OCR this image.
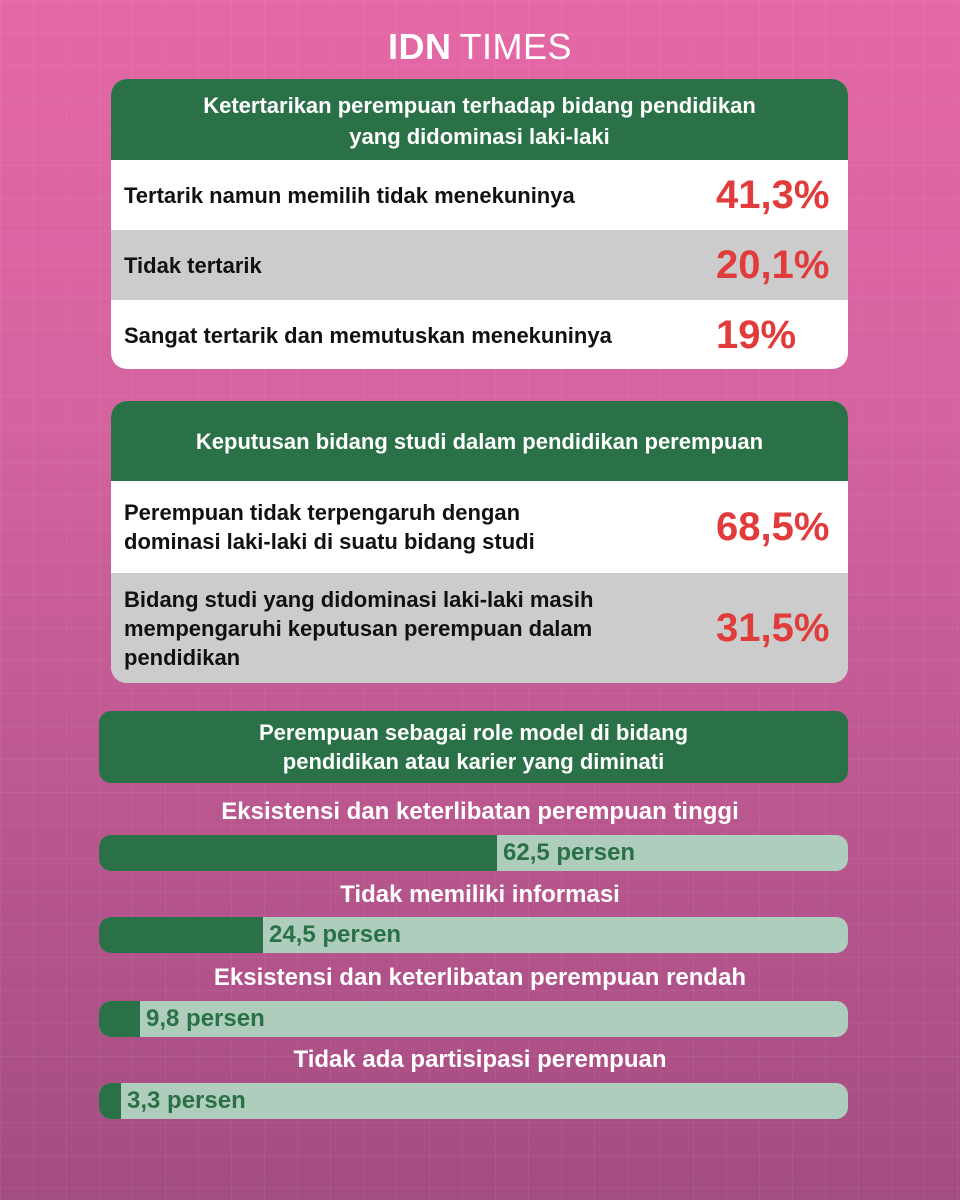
IDN TIMES
Ketertarikan perempuan terhadap bidang pendidikan
yang didominasi laki-laki
Tertarik namun memilih tidak menekuninya	41,3%
Tidak tertarik	20,1%
Sangat tertarik dan memutuskan menekuninya	19%
Keputusan bidang studi dalam pendidikan perempuan
Perempuan tidak terpengaruh dengan
dominasi laki-laki di suatu bidang studi	68,5%
Bidang studi yang didominasi laki-laki masih
mempengaruhi keputusan perempuan dalam
pendidikan
31,5%
Perempuan sebagai role model di bidang
pendidikan atau karier yang diminati
Eksistensi dan keterlibatan perempuan tinggi
62,5 persen
Tidak memiliki informasi
24,5 persen
Eksistensi dan keterlibatan perempuan rendah
9,8 persen
Tidak ada partisipasi perempuan
3,3 persen
